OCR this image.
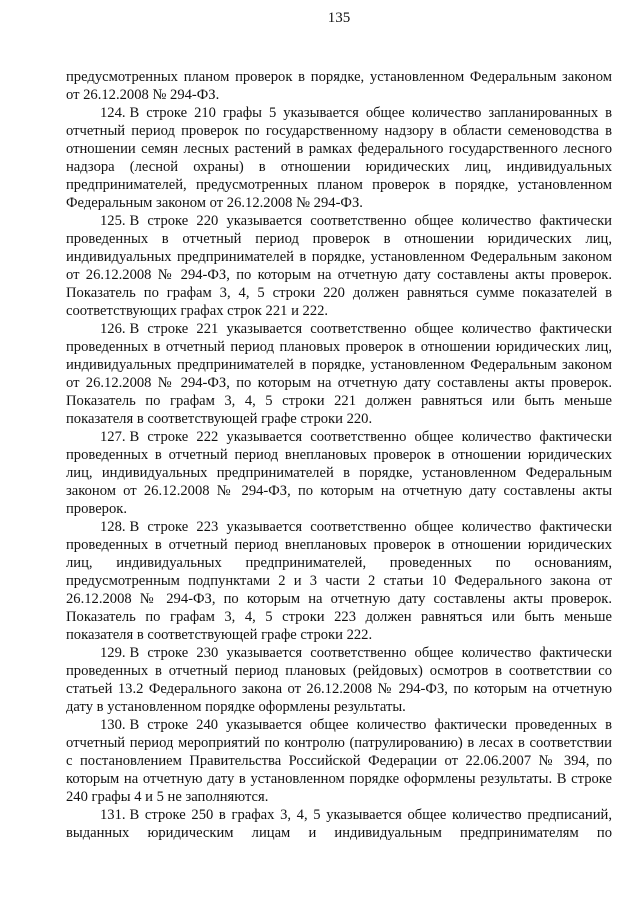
135

предусмотренных планом проверок в порядке, установленном Федеральным законом от 26.12.2008 № 294-ФЗ.

124. В строке 210 графы 5 указывается общее количество запланированных в отчетный период проверок по государственному надзору в области семеноводства в отношении семян лесных растений в рамках федерального государственного лесного надзора (лесной охраны) в отношении юридических лиц, индивидуальных предпринимателей, предусмотренных планом проверок в порядке, установленном Федеральным законом от 26.12.2008 № 294-ФЗ.

125. В строке 220 указывается соответственно общее количество фактически проведенных в отчетный период проверок в отношении юридических лиц, индивидуальных предпринимателей в порядке, установленном Федеральным законом от 26.12.2008 № 294-ФЗ, по которым на отчетную дату составлены акты проверок. Показатель по графам 3, 4, 5 строки 220 должен равняться сумме показателей в соответствующих графах строк 221 и 222.

126. В строке 221 указывается соответственно общее количество фактически проведенных в отчетный период плановых проверок в отношении юридических лиц, индивидуальных предпринимателей в порядке, установленном Федеральным законом от 26.12.2008 № 294-ФЗ, по которым на отчетную дату составлены акты проверок. Показатель по графам 3, 4, 5 строки 221 должен равняться или быть меньше показателя в соответствующей графе строки 220.

127. В строке 222 указывается соответственно общее количество фактически проведенных в отчетный период внеплановых проверок в отношении юридических лиц, индивидуальных предпринимателей в порядке, установленном Федеральным законом от 26.12.2008 № 294-ФЗ, по которым на отчетную дату составлены акты проверок.

128. В строке 223 указывается соответственно общее количество фактически проведенных в отчетный период внеплановых проверок в отношении юридических лиц, индивидуальных предпринимателей, проведенных по основаниям, предусмотренным подпунктами 2 и 3 части 2 статьи 10 Федерального закона от 26.12.2008 № 294-ФЗ, по которым на отчетную дату составлены акты проверок. Показатель по графам 3, 4, 5 строки 223 должен равняться или быть меньше показателя в соответствующей графе строки 222.

129. В строке 230 указывается соответственно общее количество фактически проведенных в отчетный период плановых (рейдовых) осмотров в соответствии со статьей 13.2 Федерального закона от 26.12.2008 № 294-ФЗ, по которым на отчетную дату в установленном порядке оформлены результаты.

130. В строке 240 указывается общее количество фактически проведенных в отчетный период мероприятий по контролю (патрулированию) в лесах в соответствии с постановлением Правительства Российской Федерации от 22.06.2007 № 394, по которым на отчетную дату в установленном порядке оформлены результаты. В строке 240 графы 4 и 5 не заполняются.

131. В строке 250 в графах 3, 4, 5 указывается общее количество предписаний, выданных юридическим лицам и индивидуальным предпринимателям по
